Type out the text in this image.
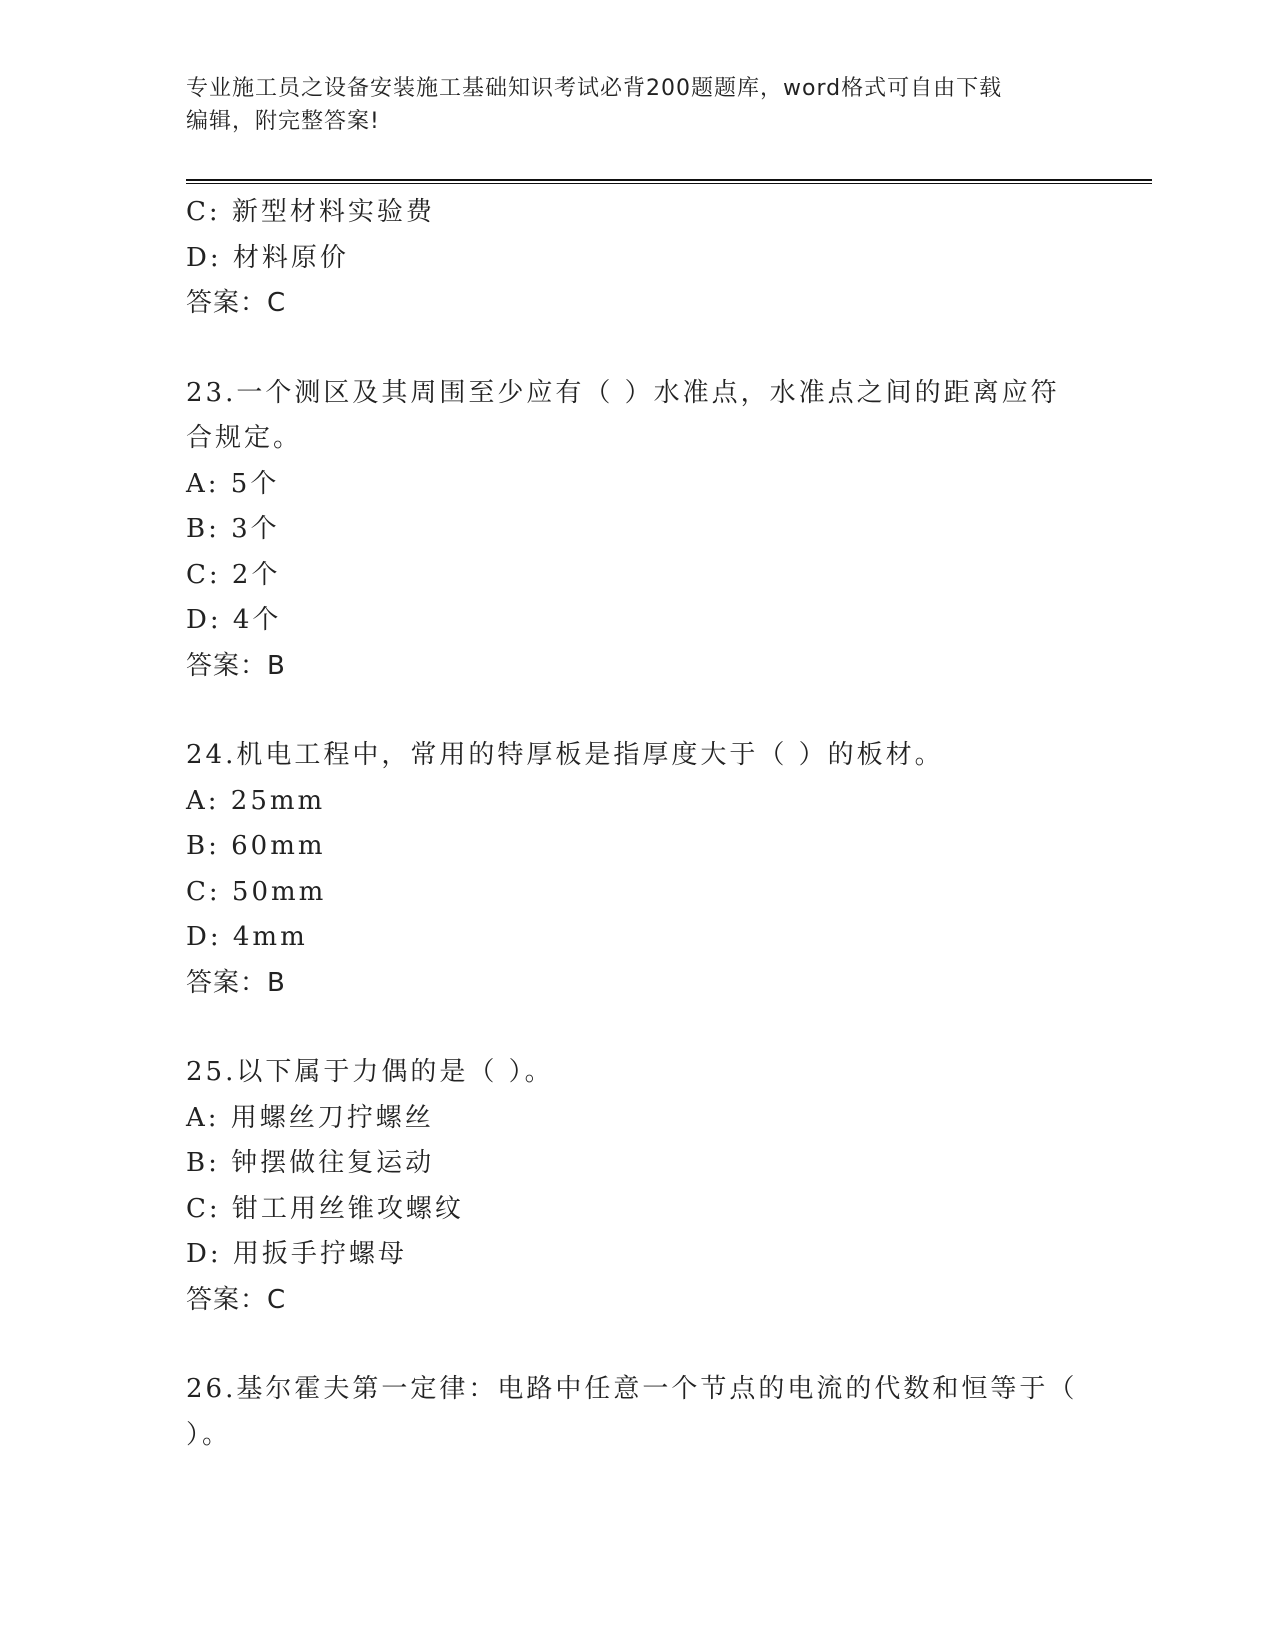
专业施工员之设备安装施工基础知识考试必背200题题库，word格式可自由下载
编辑，附完整答案!
C: 新型材料实验费
D: 材料原价
答案：C
23.一个测区及其周围至少应有（ ）水准点，水准点之间的距离应符
合规定。
A: 5个
B: 3个
C: 2个
D: 4个
答案：B
24.机电工程中，常用的特厚板是指厚度大于（ ）的板材。
A: 25mm
B: 60mm
C: 50mm
D: 4mm
答案：B
25.以下属于力偶的是（ ）。
A: 用螺丝刀拧螺丝
B: 钟摆做往复运动
C: 钳工用丝锥攻螺纹
D: 用扳手拧螺母
答案：C
26.基尔霍夫第一定律：电路中任意一个节点的电流的代数和恒等于（
）。
